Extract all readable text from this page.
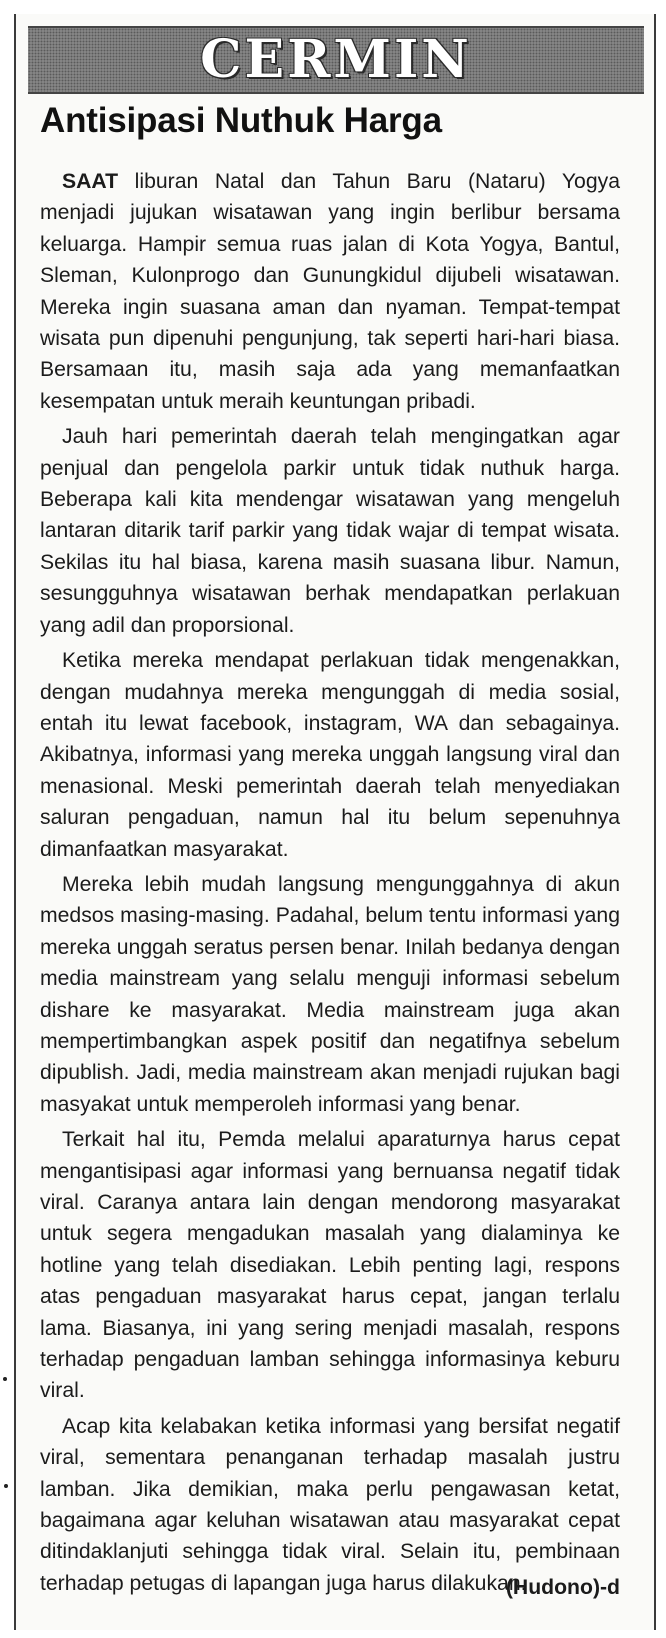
CERMIN
Antisipasi Nuthuk Harga

SAAT liburan Natal dan Tahun Baru (Nataru) Yogya menjadi jujukan wisatawan yang ingin berlibur bersama keluarga. Hampir semua ruas jalan di Kota Yogya, Bantul, Sleman, Kulonprogo dan Gunungkidul dijubeli wisatawan. Mereka ingin suasana aman dan nyaman. Tempat-tempat wisata pun dipenuhi pengunjung, tak seperti hari-hari biasa. Bersamaan itu, masih saja ada yang memanfaatkan kesempatan untuk meraih keuntungan pribadi.

Jauh hari pemerintah daerah telah mengingatkan agar penjual dan pengelola parkir untuk tidak nuthuk harga. Beberapa kali kita mendengar wisatawan yang mengeluh lantaran ditarik tarif parkir yang tidak wajar di tempat wisata. Sekilas itu hal biasa, karena masih suasana libur. Namun, sesungguhnya wisatawan berhak mendapatkan perlakuan yang adil dan proporsional.

Ketika mereka mendapat perlakuan tidak mengenakkan, dengan mudahnya mereka mengunggah di media sosial, entah itu lewat facebook, instagram, WA dan sebagainya. Akibatnya, informasi yang mereka unggah langsung viral dan menasional. Meski pemerintah daerah telah menyediakan saluran pengaduan, namun hal itu belum sepenuhnya dimanfaatkan masyarakat.

Mereka lebih mudah langsung mengunggahnya di akun medsos masing-masing. Padahal, belum tentu informasi yang mereka unggah seratus persen benar. Inilah bedanya dengan media mainstream yang selalu menguji informasi sebelum dishare ke masyarakat. Media mainstream juga akan mempertimbangkan aspek positif dan negatifnya sebelum dipublish. Jadi, media mainstream akan menjadi rujukan bagi masyakat untuk memperoleh informasi yang benar.

Terkait hal itu, Pemda melalui aparaturnya harus cepat mengantisipasi agar informasi yang bernuansa negatif tidak viral. Caranya antara lain dengan mendorong masyarakat untuk segera mengadukan masalah yang dialaminya ke hotline yang telah disediakan. Lebih penting lagi, respons atas pengaduan masyarakat harus cepat, jangan terlalu lama. Biasanya, ini yang sering menjadi masalah, respons terhadap pengaduan lamban sehingga informasinya keburu viral.

Acap kita kelabakan ketika informasi yang bersifat negatif viral, sementara penanganan terhadap masalah justru lamban. Jika demikian, maka perlu pengawasan ketat, bagaimana agar keluhan wisatawan atau masyarakat cepat ditindaklanjuti sehingga tidak viral. Selain itu, pembinaan terhadap petugas di lapangan juga harus dilakukan.

(Hudono)-d
